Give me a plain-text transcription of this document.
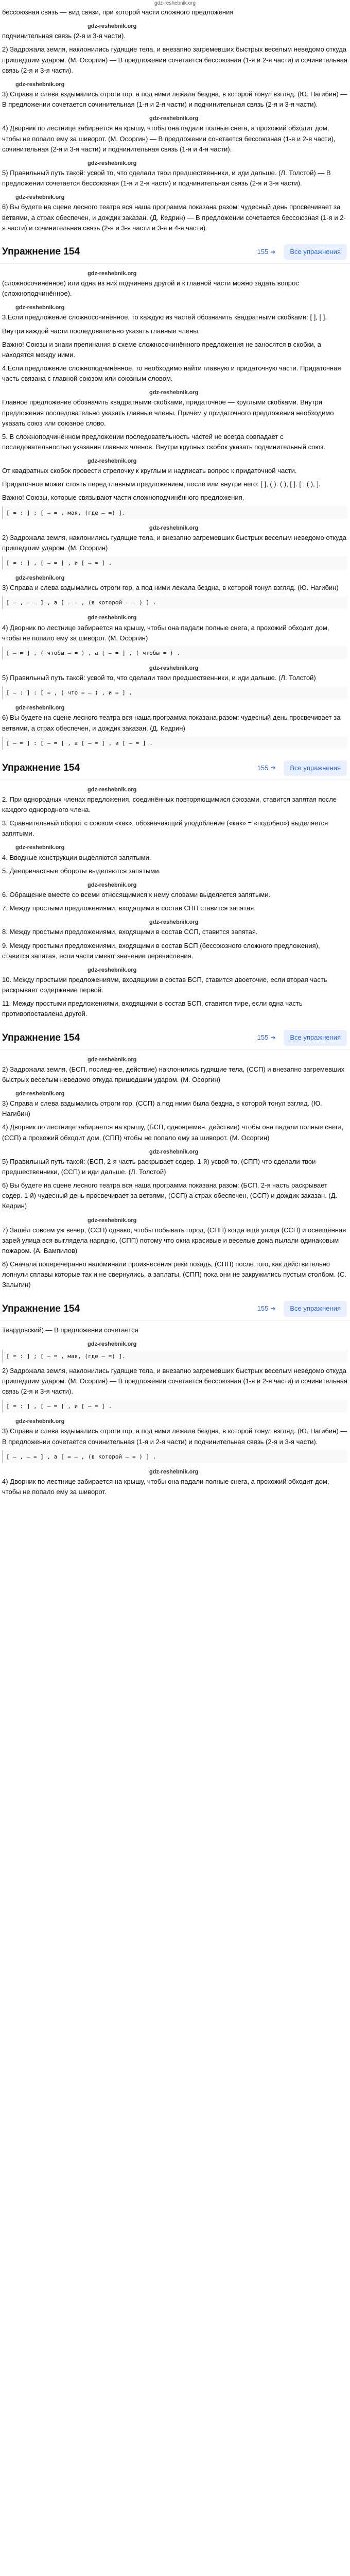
gdz-reshebnik.org

бессоюзная связь — вид связи, при которой части сложного предложения

gdz-reshebnik.org

подчинительная связь (2-я и 3-я части).

2) Задрожала земля, наклонились гудящие тела, и внезапно загремевших быстрых веселым неведомо откуда пришедшим ударом. (М. Осоргин) — В предложении сочетается бессоюзная (1-я и 2-я части) и сочинительная связь (2-я и 3-я части).

gdz-reshebnik.org

3) Справа и слева вздымались отроги гор, а под ними лежала бездна, в которой тонул взгляд. (Ю. Нагибин) — В предложении сочетается сочинительная (1-я и 2-я части) и подчинительная связь (2-я и 3-я части).

gdz-reshebnik.org

4) Дворник по лестнице забирается на крышу, чтобы она падали полные снега, а прохожий обходит дом, чтобы не попало ему за шиворот. (М. Осоргин) — В предложении сочетается бессоюзная (1-я и 2-я части), сочинительная (2-я и 3-я части) и подчинительная связь (1-я и 4-я части).

gdz-reshebnik.org

5) Правильный путь такой: усвой то, что сделали твои предшественники, и иди дальше. (Л. Толстой) — В предложении сочетается бессоюзная (1-я и 2-я части) и подчинительная связь (2-я и 3-я части).

gdz-reshebnik.org

6) Вы будете на сцене лесного театра вся наша программа показана разом: чудесный день просвечивает за ветвями, а страх обеспечен, и дождик заказан. (Д. Кедрин) — В предложении сочетается бессоюзная (1-я и 2-я части) и сочинительная связь (2-я и 3-я части и 3-я и 4-я части).

Упражнение 154	155 ➔	Все упражнения
gdz-reshebnik.org

(сложносочинённое) или одна из них подчинена другой и к главной части можно задать вопрос (сложноподчинённое).

gdz-reshebnik.org

3.Если предложение сложносочинённое, то каждую из частей обозначить квадратными скобками: [ ], [ ].

Внутри каждой части последовательно указать главные члены.

Важно! Союзы и знаки препинания в схеме сложносочинённого предложения не заносятся в скобки, а находятся между ними.

4.Если предложение сложноподчинённое, то необходимо найти главную и придаточную части. Придаточная часть связана с главной союзом или союзным словом.

gdz-reshebnik.org

Главное предложение обозначить квадратными скобками, придаточное — круглыми скобками. Внутри предложения последовательно указать главные члены. Причём у придаточного предложения необходимо указать союз или союзное слово.

5. В сложноподчинённом предложении последовательность частей не всегда совпадает с последовательностью указания главных членов. Внутри крупных скобок указать подчинительный союз.

gdz-reshebnik.org

От квадратных скобок провести стрелочку к круглым и надписать вопрос к придаточной части.

Придаточное может стоять перед главным предложением, после или внутри него: [ ], ( ). ( ), [ ]. [ , ( ), ].

Важно! Союзы, которые связывают части сложноподчинённого предложения,

[ = : ] ; [ — = , мая, (где — =) ].
gdz-reshebnik.org

2) Задрожала земля, наклонились гудящие тела, и внезапно загремевших быстрых веселым неведомо откуда пришедшим ударом. (М. Осоргин)

[ = : ] , [ — = ] , и [ — = ] .
gdz-reshebnik.org

3) Справа и слева вздымались отроги гор, а под ними лежала бездна, в которой тонул взгляд. (Ю. Нагибин)

[ — , — = ] , а [ = — , (в которой — = ) ] .
gdz-reshebnik.org

4) Дворник по лестнице забирается на крышу, чтобы она падали полные снега, а прохожий обходит дом, чтобы не попало ему за шиворот. (М. Осоргин)

[ — = ] , ( чтобы — = ) , а [ — = ] , ( чтобы = ) .
gdz-reshebnik.org

5) Правильный путь такой: усвой то, что сделали твои предшественники, и иди дальше. (Л. Толстой)

[ — : ] : [ = , ( что = — ) , и = ] .
gdz-reshebnik.org

6) Вы будете на сцене лесного театра вся наша программа показана разом: чудесный день просвечивает за ветвями, а страх обеспечен, и дождик заказан. (Д. Кедрин)

[ — = ] : [ — = ] , а [ — = ] , и [ — = ] .
Упражнение 154	155 ➔	Все упражнения
gdz-reshebnik.org

2. При однородных членах предложения, соединённых повторяющимися союзами, ставится запятая после каждого однородного члена.

3. Сравнительный оборот с союзом «как», обозначающий уподобление («как» = «подобно») выделяется запятыми.

gdz-reshebnik.org

4. Вводные конструкции выделяются запятыми.

5. Деепричастные обороты выделяются запятыми.

gdz-reshebnik.org

6. Обращение вместе со всеми относящимися к нему словами выделяется запятыми.

7. Между простыми предложениями, входящими в состав СПП ставится запятая.

gdz-reshebnik.org

8. Между простыми предложениями, входящими в состав ССП, ставится запятая.

9. Между простыми предложениями, входящими в состав БСП (бессоюзного сложного предложения), ставится запятая, если части имеют значение перечисления.

gdz-reshebnik.org

10. Между простыми предложениями, входящими в состав БСП, ставится двоеточие, если вторая часть раскрывает содержание первой.

11. Между простыми предложениями, входящими в состав БСП, ставится тире, если одна часть противопоставлена другой.

Упражнение 154	155 ➔	Все упражнения
gdz-reshebnik.org

2) Задрожала земля, (БСП, последнее, действие) наклонились гудящие тела, (ССП) и внезапно загремевших быстрых веселым неведомо откуда пришедшим ударом. (М. Осоргин)

gdz-reshebnik.org

3) Справа и слева вздымались отроги гор, (ССП) а под ними была бездна, в которой тонул взгляд. (Ю. Нагибин)

4) Дворник по лестнице забирается на крышу, (БСП, одновремен. действие) чтобы она падали полные снега, (ССП) а прохожий обходит дом, (СПП) чтобы не попало ему за шиворот. (М. Осоргин)

gdz-reshebnik.org

5) Правильный путь такой: (БСП, 2-я часть раскрывает содер. 1-й) усвой то, (СПП) что сделали твои предшественники, (ССП) и иди дальше. (Л. Толстой)

6) Вы будете на сцене лесного театра вся наша программа показана разом: (БСП, 2-я часть раскрывает содер. 1-й) чудесный день просвечивает за ветвями, (ССП) а страх обеспечен, (ССП) и дождик заказан. (Д. Кедрин)

gdz-reshebnik.org

7) Зашёл совсем уж вечер, (ССП) однако, чтобы побывать город, (СПП) когда ещё улица (ССП) и освещённая зарей улица вся выглядела нарядно, (СПП) потому что окна красивые и веселые дома пылали одинаковым пожаром. (А. Вампилов)

8) Сначала поперечеранно напоминали произнесения реки позадь, (СПП) после того, как действительно лопнули сплавы которые так и не свернулись, а заплаты, (СПП) пока они не закружились пустым столбом. (С. Залыгин)

Упражнение 154	155 ➔	Все упражнения

Твардовский) — В предложении сочетается

gdz-reshebnik.org
[ = : ] ; [ — = , мая, (где — =) ].

2) Задрожала земля, наклонились гудящие тела, и внезапно загремевших быстрых веселым неведомо откуда пришедшим ударом. (М. Осоргин) — В предложении сочетается бессоюзная (1-я и 2-я части) и сочинительная связь (2-я и 3-я части).

[ = : ] , [ — = ] , и [ — = ] .
gdz-reshebnik.org

3) Справа и слева вздымались отроги гор, а под ними лежала бездна, в которой тонул взгляд. (Ю. Нагибин) — В предложении сочетается сочинительная (1-я и 2-я части) и подчинительная связь (2-я и 3-я части).

[ — , — = ] , а [ = — , (в которой — = ) ] .
gdz-reshebnik.org

4) Дворник по лестнице забирается на крышу, чтобы она падали полные снега, а прохожий обходит дом, чтобы не попало ему за шиворот.
